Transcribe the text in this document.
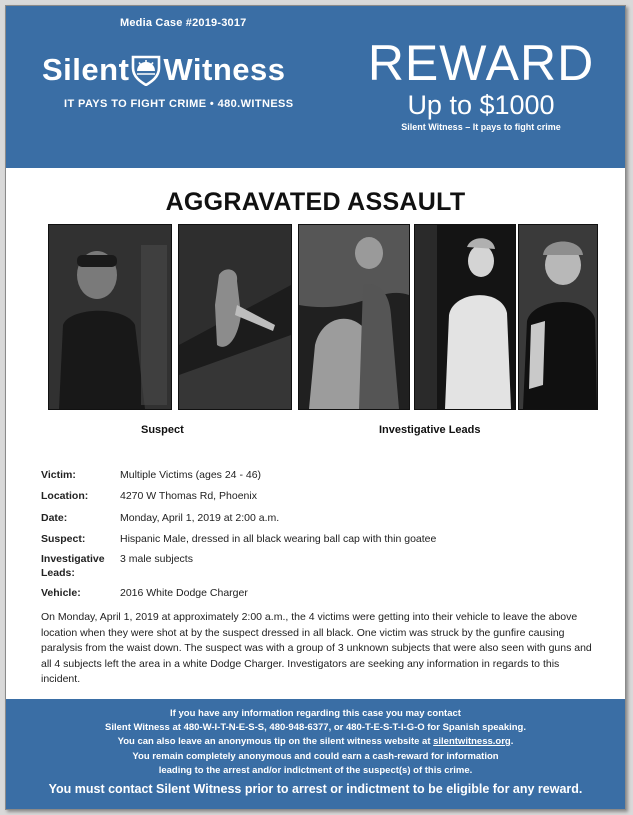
Media Case #2019-3017
Silent Witness
IT PAYS TO FIGHT CRIME • 480.WITNESS
REWARD
Up to $1000
Silent Witness – It pays to fight crime
AGGRAVATED ASSAULT
Suspect	Investigative Leads
Victim:	Multiple Victims (ages 24 - 46)
Location:	4270 W Thomas Rd, Phoenix
Date:	Monday, April 1, 2019 at 2:00 a.m.
Suspect:	Hispanic Male, dressed in all black wearing ball cap with thin goatee
Investigative Leads:
3 male subjects
Vehicle:	2016 White Dodge Charger
On Monday, April 1, 2019 at approximately 2:00 a.m., the 4 victims were getting into their vehicle to leave the above location when they were shot at by the suspect dressed in all black. One victim was struck by the gunfire causing paralysis from the waist down. The suspect was with a group of 3 unknown subjects that were also seen with guns and all 4 subjects left the area in a white Dodge Charger. Investigators are seeking any information in regards to this incident.
If you have any information regarding this case you may contact
Silent Witness at 480-W-I-T-N-E-S-S, 480-948-6377, or 480-T-E-S-T-I-G-O for Spanish speaking.
You can also leave an anonymous tip on the silent witness website at silentwitness.org.
You remain completely anonymous and could earn a cash-reward for information
leading to the arrest and/or indictment of the suspect(s) of this crime.
You must contact Silent Witness prior to arrest or indictment to be eligible for any reward.
